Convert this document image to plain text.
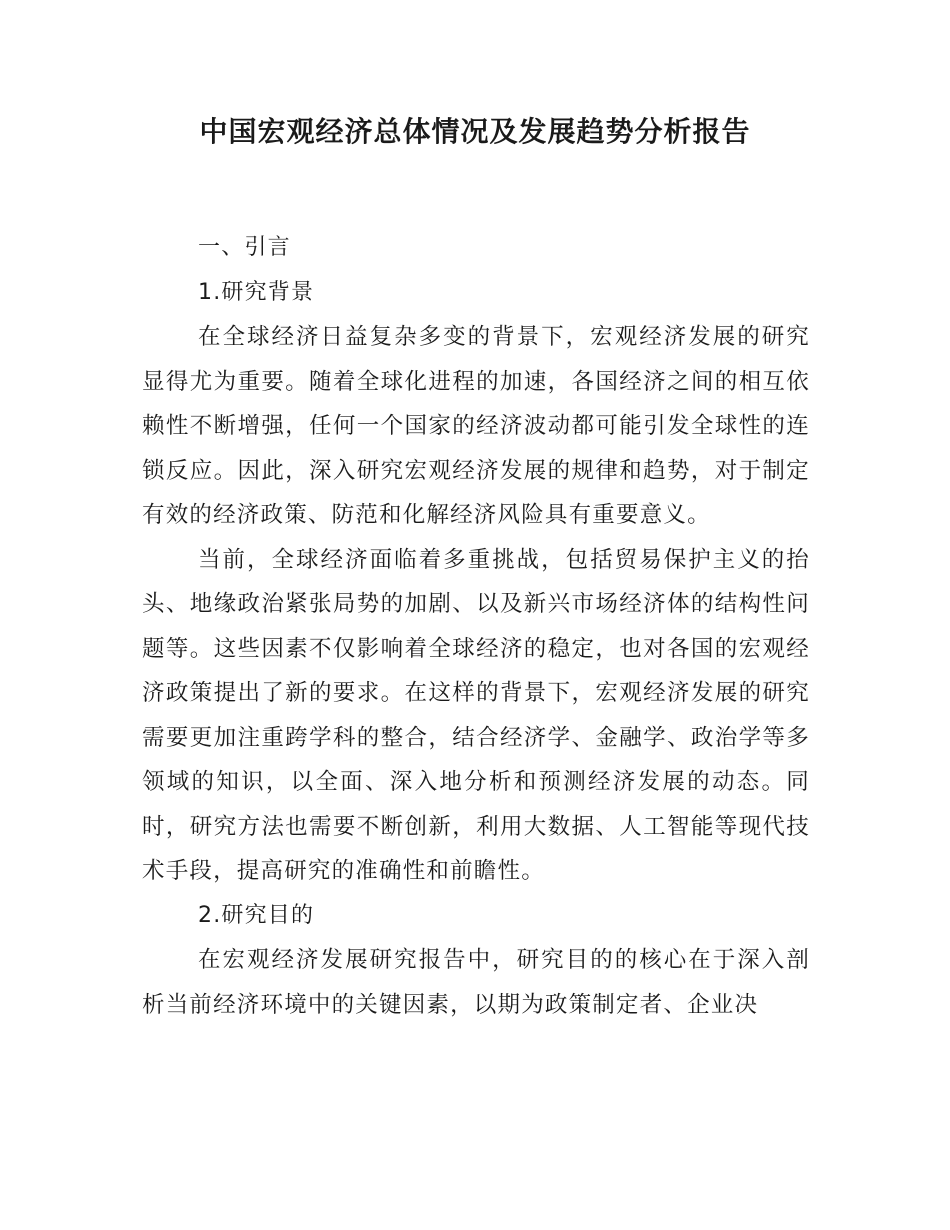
中国宏观经济总体情况及发展趋势分析报告
一、引言
1.研究背景

在全球经济日益复杂多变的背景下，宏观经济发展的研究显得尤为重要。随着全球化进程的加速，各国经济之间的相互依赖性不断增强，任何一个国家的经济波动都可能引发全球性的连锁反应。因此，深入研究宏观经济发展的规律和趋势，对于制定有效的经济政策、防范和化解经济风险具有重要意义。

当前，全球经济面临着多重挑战，包括贸易保护主义的抬头、地缘政治紧张局势的加剧、以及新兴市场经济体的结构性问题等。这些因素不仅影响着全球经济的稳定，也对各国的宏观经济政策提出了新的要求。在这样的背景下，宏观经济发展的研究需要更加注重跨学科的整合，结合经济学、金融学、政治学等多领域的知识，以全面、深入地分析和预测经济发展的动态。同时，研究方法也需要不断创新，利用大数据、人工智能等现代技术手段，提高研究的准确性和前瞻性。

2.研究目的

在宏观经济发展研究报告中，研究目的的核心在于深入剖析当前经济环境中的关键因素，以期为政策制定者、企业决
